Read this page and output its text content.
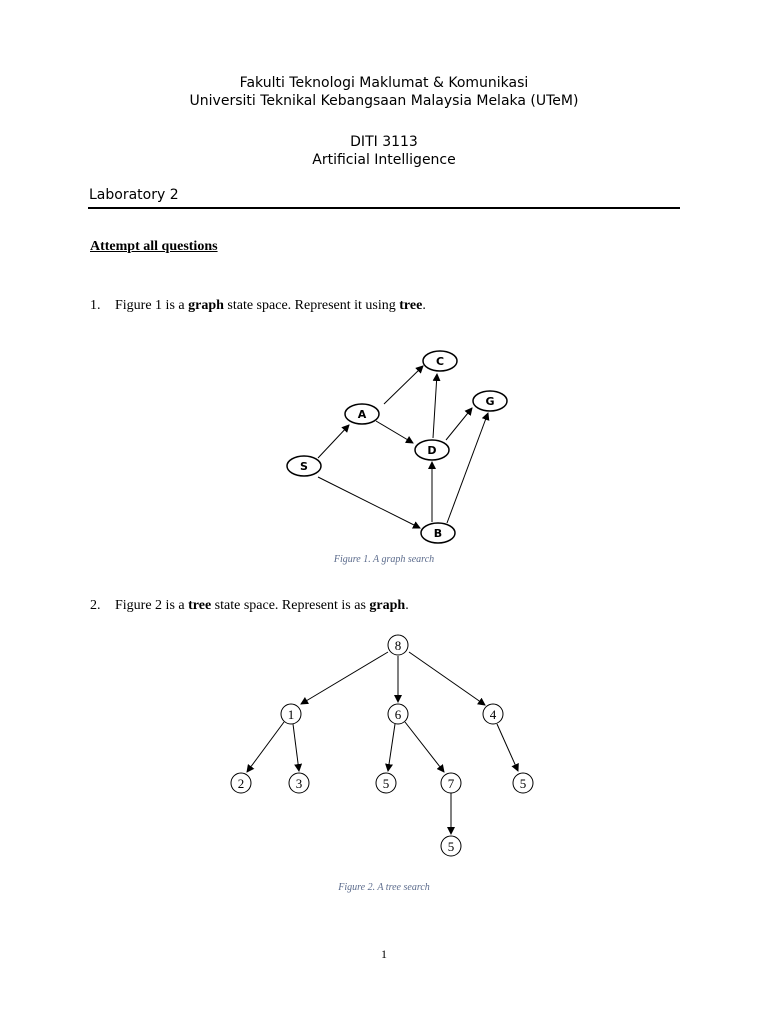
Fakulti Teknologi Maklumat & Komunikasi
Universiti Teknikal Kebangsaan Malaysia Melaka (UTeM)
DITI 3113
Artificial Intelligence
Laboratory 2
Attempt all questions
1. Figure 1 is a graph state space. Represent it using tree.
C
A
G
D
S
B
Figure 1. A graph search
2. Figure 2 is a tree state space. Represent is as graph.
8
1	6	4
2	3	5	7	5
5
Figure 2. A tree search
1
